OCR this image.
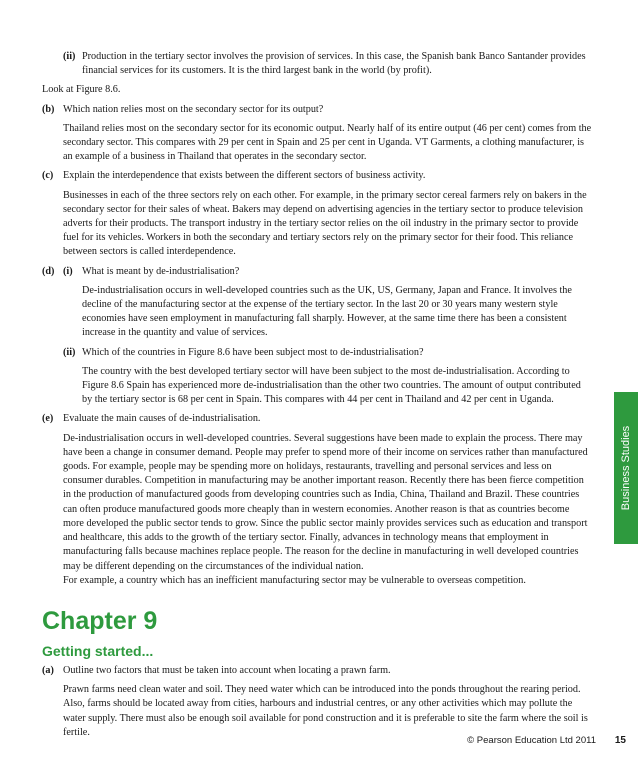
(ii) Production in the tertiary sector involves the provision of services. In this case, the Spanish bank Banco Santander provides financial services for its customers. It is the third largest bank in the world (by profit).

Look at Figure 8.6.

(b) Which nation relies most on the secondary sector for its output?

Thailand relies most on the secondary sector for its economic output. Nearly half of its entire output (46 per cent) comes from the secondary sector. This compares with 29 per cent in Spain and 25 per cent in Uganda. VT Garments, a clothing manufacturer, is an example of a business in Thailand that operates in the secondary sector.

(c) Explain the interdependence that exists between the different sectors of business activity.

Businesses in each of the three sectors rely on each other. For example, in the primary sector cereal farmers rely on bakers in the secondary sector for their sales of wheat. Bakers may depend on advertising agencies in the tertiary sector to produce television adverts for their products. The transport industry in the tertiary sector relies on the oil industry in the primary sector to provide fuel for its vehicles. Workers in both the secondary and tertiary sectors rely on the primary sector for their food. This reliance between sectors is called interdependence.

(d) (i) What is meant by de-industrialisation?

De-industrialisation occurs in well-developed countries such as the UK, US, Germany, Japan and France. It involves the decline of the manufacturing sector at the expense of the tertiary sector. In the last 20 or 30 years many western style economies have seen employment in manufacturing fall sharply. However, at the same time there has been a consistent increase in the quantity and value of services.

(ii) Which of the countries in Figure 8.6 have been subject most to de-industrialisation?

The country with the best developed tertiary sector will have been subject to the most de-industrialisation. According to Figure 8.6 Spain has experienced more de-industrialisation than the other two countries. The amount of output contributed by the tertiary sector is 68 per cent in Spain. This compares with 44 per cent in Thailand and 42 per cent in Uganda.

(e) Evaluate the main causes of de-industrialisation.

De-industrialisation occurs in well-developed countries. Several suggestions have been made to explain the process. There may have been a change in consumer demand. People may prefer to spend more of their income on services rather than manufactured goods. For example, people may be spending more on holidays, restaurants, travelling and personal services and less on consumer durables. Competition in manufacturing may be another important reason. Recently there has been fierce competition in the production of manufactured goods from developing countries such as India, China, Thailand and Brazil. These countries can often produce manufactured goods more cheaply than in western economies. Another reason is that as countries become more developed the public sector tends to grow. Since the public sector mainly provides services such as education and transport and healthcare, this adds to the growth of the tertiary sector. Finally, advances in technology means that employment in manufacturing falls because machines replace people. The reason for the decline in manufacturing in well developed countries may be different depending on the circumstances of the individual nation.

For example, a country which has an inefficient manufacturing sector may be vulnerable to overseas competition.

Chapter 9
Getting started...
(a) Outline two factors that must be taken into account when locating a prawn farm.

Prawn farms need clean water and soil. They need water which can be introduced into the ponds throughout the rearing period. Also, farms should be located away from cities, harbours and industrial centres, or any other activities which may pollute the water supply. There must also be enough soil available for pond construction and it is preferable to site the farm where the soil is fertile.

Business Studies
© Pearson Education Ltd 2011 15
